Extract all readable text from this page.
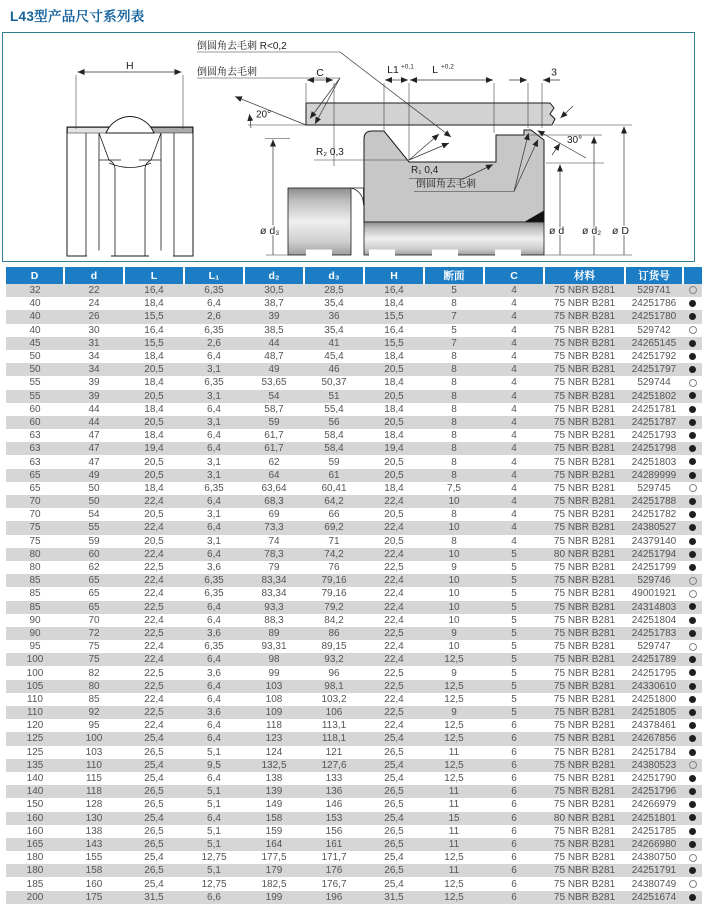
L43型产品尺寸系列表
H
C	L1 +0,1 L +0,2	3
20°
倒圆角去毛刺 R<0,2
倒圆角去毛刺
R₂ 0,3
R₁ 0,4
倒圆角去毛刺
30°
ø d₃	ø d ø d₂ ø D
D	d	L	L₁	d₂	d₃	H	断面	C	材料	订货号	
32	22	16,4	6,35	30,5	28,5	16,4	5	4	75 NBR B281	529741	
40	24	18,4	6,4	38,7	35,4	18,4	8	4	75 NBR B281	24251786	
40	26	15,5	2,6	39	36	15,5	7	4	75 NBR B281	24251780	
40	30	16,4	6,35	38,5	35,4	16,4	5	4	75 NBR B281	529742	
45	31	15,5	2,6	44	41	15,5	7	4	75 NBR B281	24265145	
50	34	18,4	6,4	48,7	45,4	18,4	8	4	75 NBR B281	24251792	
50	34	20,5	3,1	49	46	20,5	8	4	75 NBR B281	24251797	
55	39	18,4	6,35	53,65	50,37	18,4	8	4	75 NBR B281	529744	
55	39	20,5	3,1	54	51	20,5	8	4	75 NBR B281	24251802	
60	44	18,4	6,4	58,7	55,4	18,4	8	4	75 NBR B281	24251781	
60	44	20,5	3,1	59	56	20,5	8	4	75 NBR B281	24251787	
63	47	18,4	6,4	61,7	58,4	18,4	8	4	75 NBR B281	24251793	
63	47	19,4	6,4	61,7	58,4	19,4	8	4	75 NBR B281	24251798	
63	47	20,5	3,1	62	59	20,5	8	4	75 NBR B281	24251803	
65	49	20,5	3,1	64	61	20,5	8	4	75 NBR B281	24289999	
65	50	18,4	6,35	63,64	60,41	18,4	7,5	4	75 NBR B281	529745	
70	50	22,4	6,4	68,3	64,2	22,4	10	4	75 NBR B281	24251788	
70	54	20,5	3,1	69	66	20,5	8	4	75 NBR B281	24251782	
75	55	22,4	6,4	73,3	69,2	22,4	10	4	75 NBR B281	24380527	
75	59	20,5	3,1	74	71	20,5	8	4	75 NBR B281	24379140	
80	60	22,4	6,4	78,3	74,2	22,4	10	5	80 NBR B281	24251794	
80	62	22,5	3,6	79	76	22,5	9	5	75 NBR B281	24251799	
85	65	22,4	6,35	83,34	79,16	22,4	10	5	75 NBR B281	529746	
85	65	22,4	6,35	83,34	79,16	22,4	10	5	75 NBR B281	49001921	
85	65	22,5	6,4	93,3	79,2	22,4	10	5	75 NBR B281	24314803	
90	70	22,4	6,4	88,3	84,2	22,4	10	5	75 NBR B281	24251804	
90	72	22,5	3,6	89	86	22,5	9	5	75 NBR B281	24251783	
95	75	22,4	6,35	93,31	89,15	22,4	10	5	75 NBR B281	529747	
100	75	22,4	6,4	98	93,2	22,4	12,5	5	75 NBR B281	24251789	
100	82	22,5	3,6	99	96	22,5	9	5	75 NBR B281	24251795	
105	80	22,5	6,4	103	98,1	22,5	12,5	5	75 NBR B281	24330610	
110	85	22,4	6,4	108	103,2	22,4	12,5	5	75 NBR B281	24251800	
110	92	22,5	3,6	109	106	22,5	9	5	75 NBR B281	24251805	
120	95	22,4	6,4	118	113,1	22,4	12,5	6	75 NBR B281	24378461	
125	100	25,4	6,4	123	118,1	25,4	12,5	6	75 NBR B281	24267856	
125	103	26,5	5,1	124	121	26,5	11	6	75 NBR B281	24251784	
135	110	25,4	9,5	132,5	127,6	25,4	12,5	6	75 NBR B281	24380523	
140	115	25,4	6,4	138	133	25,4	12,5	6	75 NBR B281	24251790	
140	118	26,5	5,1	139	136	26,5	11	6	75 NBR B281	24251796	
150	128	26,5	5,1	149	146	26,5	11	6	75 NBR B281	24266979	
160	130	25,4	6,4	158	153	25,4	15	6	80 NBR B281	24251801	
160	138	26,5	5,1	159	156	26,5	11	6	75 NBR B281	24251785	
165	143	26,5	5,1	164	161	26,5	11	6	75 NBR B281	24266980	
180	155	25,4	12,75	177,5	171,7	25,4	12,5	6	75 NBR B281	24380750	
180	158	26,5	5,1	179	176	26,5	11	6	75 NBR B281	24251791	
185	160	25,4	12,75	182,5	176,7	25,4	12,5	6	75 NBR B281	24380749	
200	175	31,5	6,6	199	196	31,5	12,5	6	75 NBR B281	24251674	
